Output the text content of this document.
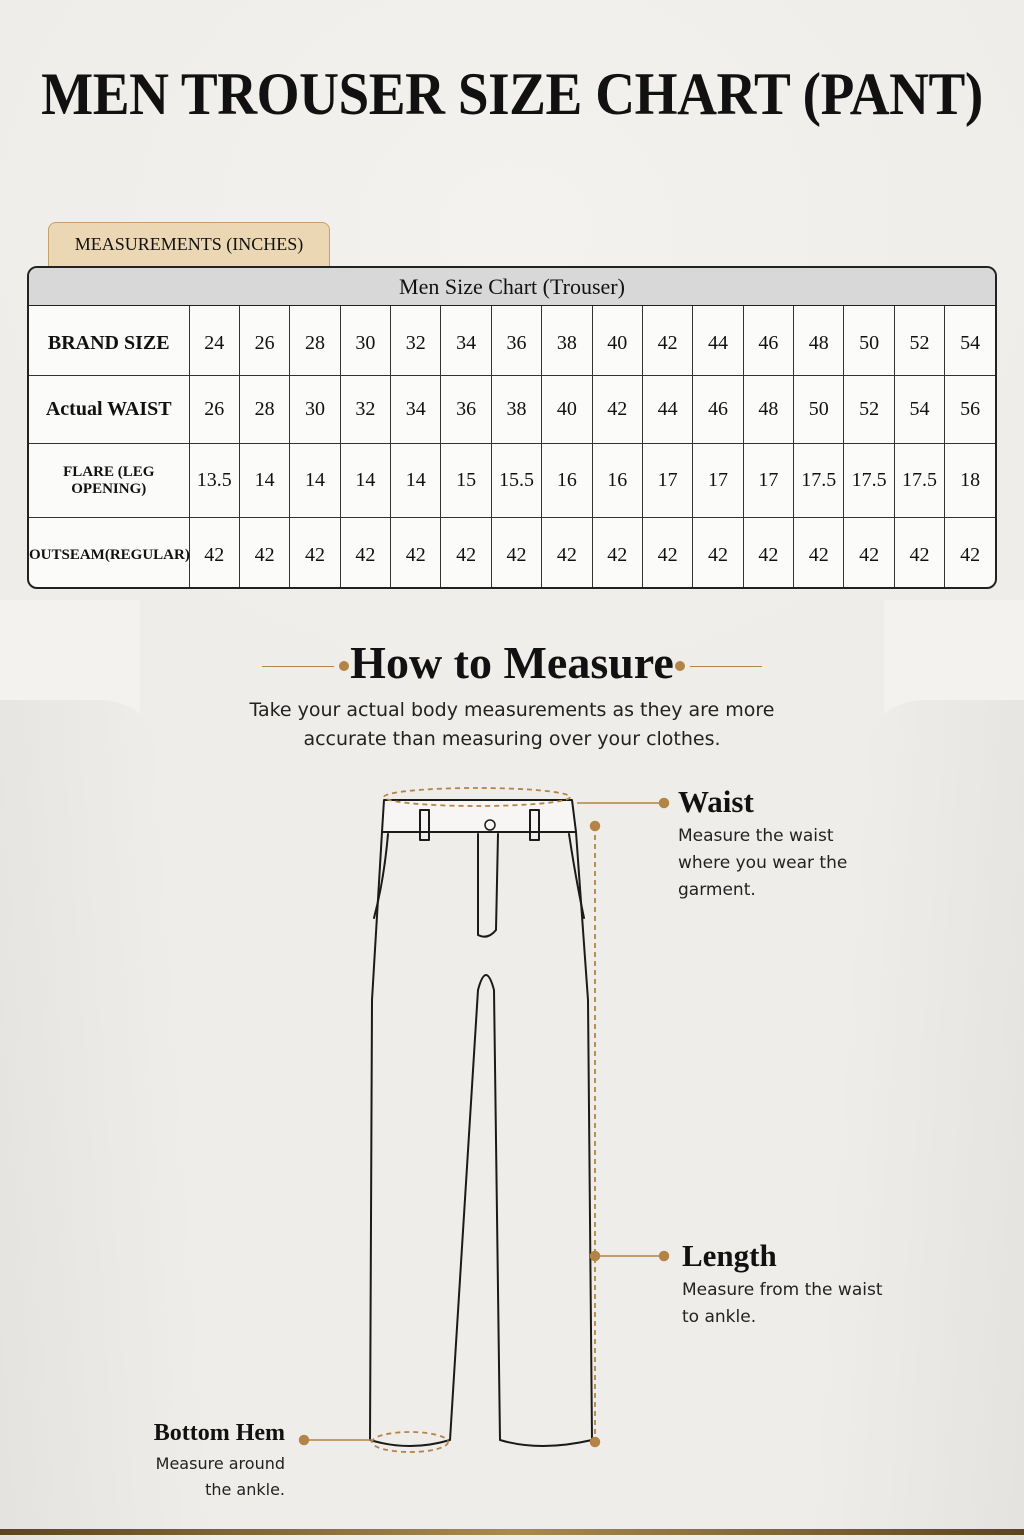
MEN TROUSER SIZE CHART (PANT)
MEASUREMENTS (INCHES)
Men Size Chart (Trouser)
BRAND SIZE	24	26	28	30	32	34	36	38	40	42	44	46	48	50	52	54
Actual WAIST	26	28	30	32	34	36	38	40	42	44	46	48	50	52	54	56
FLARE (LEG OPENING)	13.5	14	14	14	14	15	15.5	16	16	17	17	17	17.5	17.5	17.5	18
OUTSEAM(REGULAR)	42	42	42	42	42	42	42	42	42	42	42	42	42	42	42	42
How to Measure
Take your actual body measurements as they are more
accurate than measuring over your clothes.
Waist
Measure the waist
where you wear the
garment.
Length
Measure from the waist
to ankle.
Bottom Hem
Measure around
the ankle.
